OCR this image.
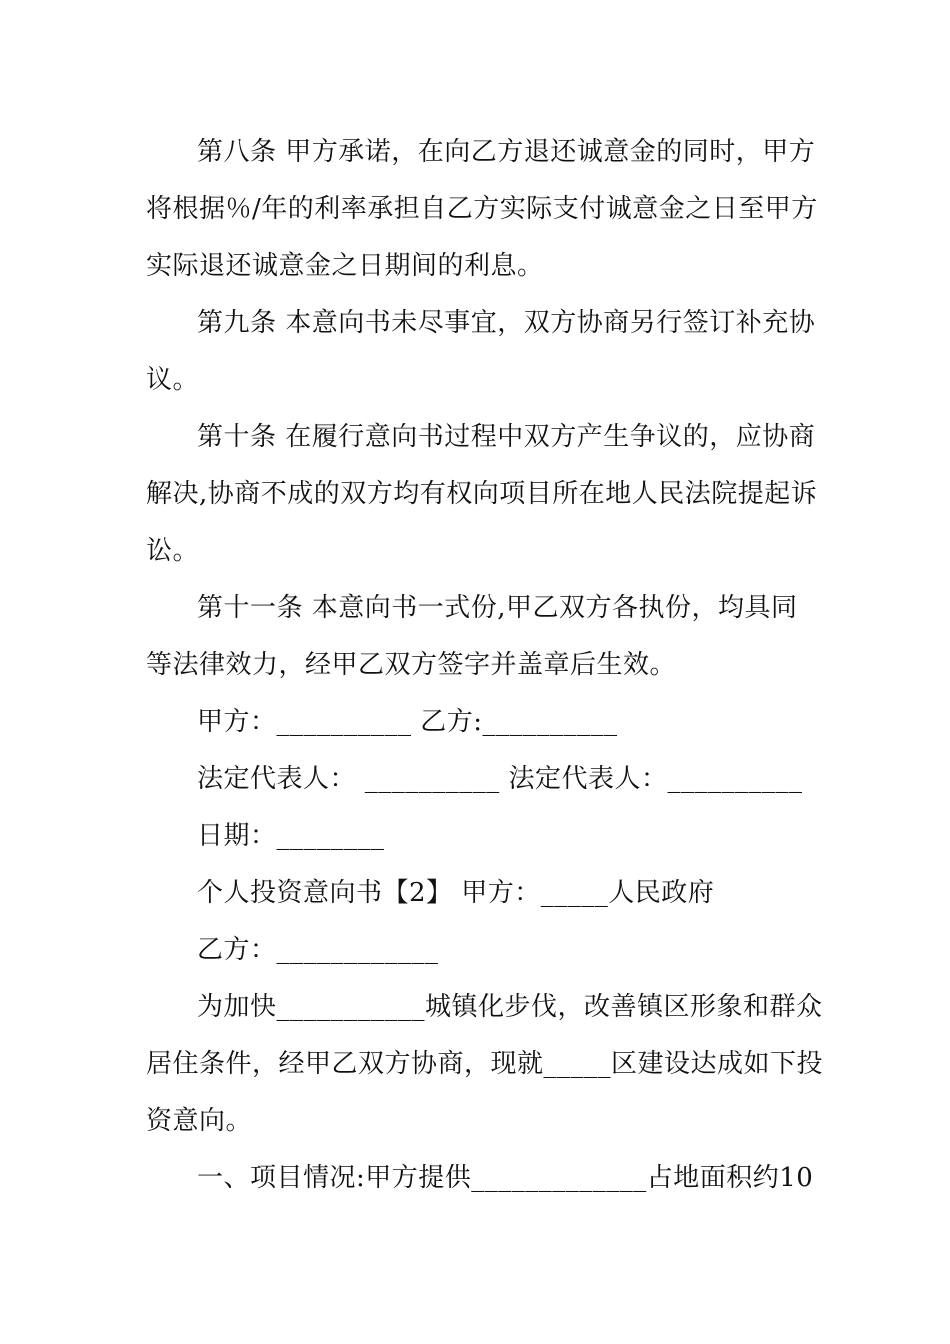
第八条 甲方承诺，在向乙方退还诚意金的同时，甲方
将根据％/年的利率承担自乙方实际支付诚意金之日至甲方
实际退还诚意金之日期间的利息。
第九条 本意向书未尽事宜，双方协商另行签订补充协
议。
第十条 在履行意向书过程中双方产生争议的，应协商
解决,协商不成的双方均有权向项目所在地人民法院提起诉
讼。
第十一条 本意向书一式份,甲乙双方各执份，均具同
等法律效力，经甲乙双方签字并盖章后生效。
甲方：__________ 乙方:__________
法定代表人： __________ 法定代表人：__________
日期：________
个人投资意向书【2】 甲方：_____人民政府
乙方：____________
为加快___________城镇化步伐，改善镇区形象和群众
居住条件，经甲乙双方协商，现就_____区建设达成如下投
资意向。
一、项目情况:甲方提供_____________占地面积约10
